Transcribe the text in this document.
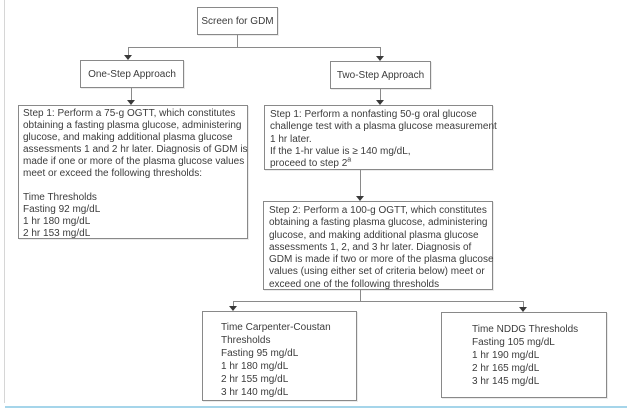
Screen for GDM
One-Step Approach	Two-Step Approach
Step 1: Perform a 75-g OGTT, which constitutes
obtaining a fasting plasma glucose, administering
glucose, and making additional plasma glucose
assessments 1 and 2 hr later. Diagnosis of GDM is
made if one or more of the plasma glucose values
meet or exceed the following thresholds:

Time Thresholds
Fasting 92 mg/dL
1 hr 180 mg/dL
2 hr 153 mg/dL
Step 1: Perform a nonfasting 50-g oral glucose
challenge test with a plasma glucose measurement
1 hr later.
If the 1-hr value is ≥ 140 mg/dL,
proceed to step 2$^a$
Step 2: Perform a 100-g OGTT, which constitutes
obtaining a fasting plasma glucose, administering
glucose, and making additional plasma glucose
assessments 1, 2, and 3 hr later. Diagnosis of
GDM is made if two or more of the plasma glucose
values (using either set of criteria below) meet or
exceed one of the following thresholds
Time Carpenter-Coustan
Thresholds
Fasting 95 mg/dL
1 hr 180 mg/dL
2 hr 155 mg/dL
3 hr 140 mg/dL
Time NDDG Thresholds
Fasting 105 mg/dL
1 hr 190 mg/dL
2 hr 165 mg/dL
3 hr 145 mg/dL
